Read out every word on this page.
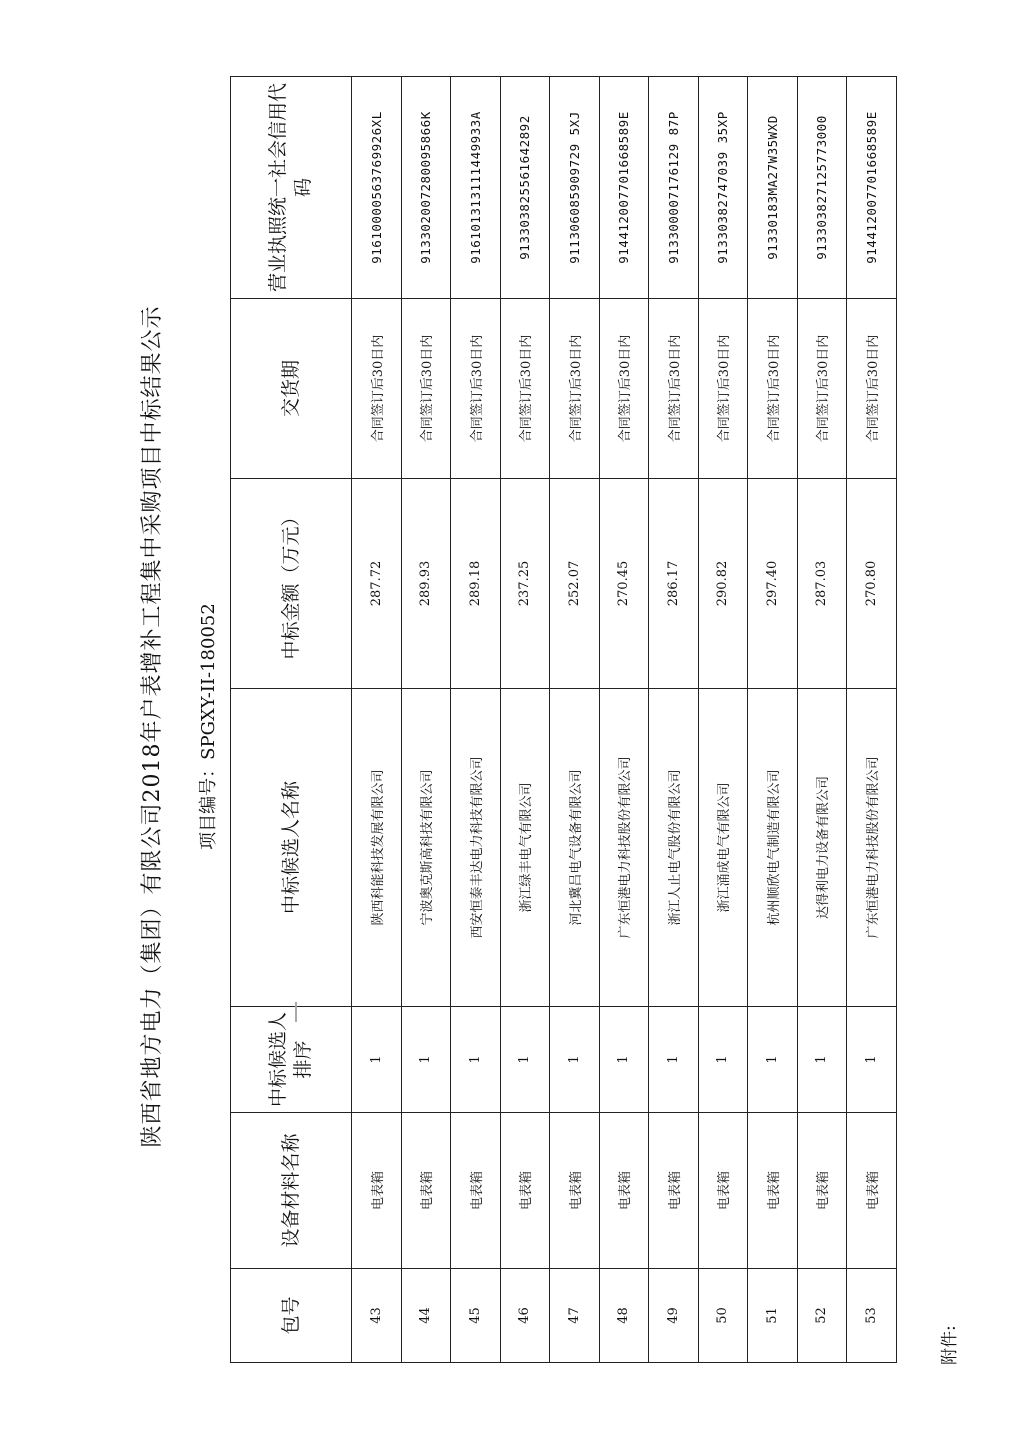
附件:
陕西省地方电力（集团）有限公司2018年户表增补工程集中采购项目中标结果公示 项目编号：SPGXY-II-180052
包号	设备材料名称	中标候选人排序	中标候选人名称	中标金额（万元）	交货期	营业执照统一社会信用代码
43	电表箱	1	陕西科能科技发展有限公司	287.72	合同签订后30日内	91610000563769926XL
44	电表箱	1	宁波奥克斯高科技有限公司	289.93	合同签订后30日内	913302007280095866K
45	电表箱	1	西安恒泰丰达电力科技有限公司	289.18	合同签订后30日内	916101313111449933A
46	电表箱	1	浙江绿丰电气有限公司	237.25	合同签订后30日内	913303825561642892
47	电表箱	1	河北冀吕电气设备有限公司	252.07	合同签订后30日内	911306085909729 5XJ
48	电表箱	1	广东恒港电力科技股份有限公司	270.45	合同签订后30日内	914412007701668589E
49	电表箱	1	浙江人止电气股份有限公司	286.17	合同签订后30日内	913300007176129 87P
50	电表箱	1	浙江涌成电气有限公司	290.82	合同签订后30日内	91330382747039 35XP
51	电表箱	1	杭州顺欣电气制造有限公司	297.40	合同签订后30日内	91330183MA27W35WXD
52	电表箱	1	达得利电力设备有限公司	287.03	合同签订后30日内	913303827125773000
53	电表箱	1	广东恒港电力科技股份有限公司	270.80	合同签订后30日内	914412007701668589E
